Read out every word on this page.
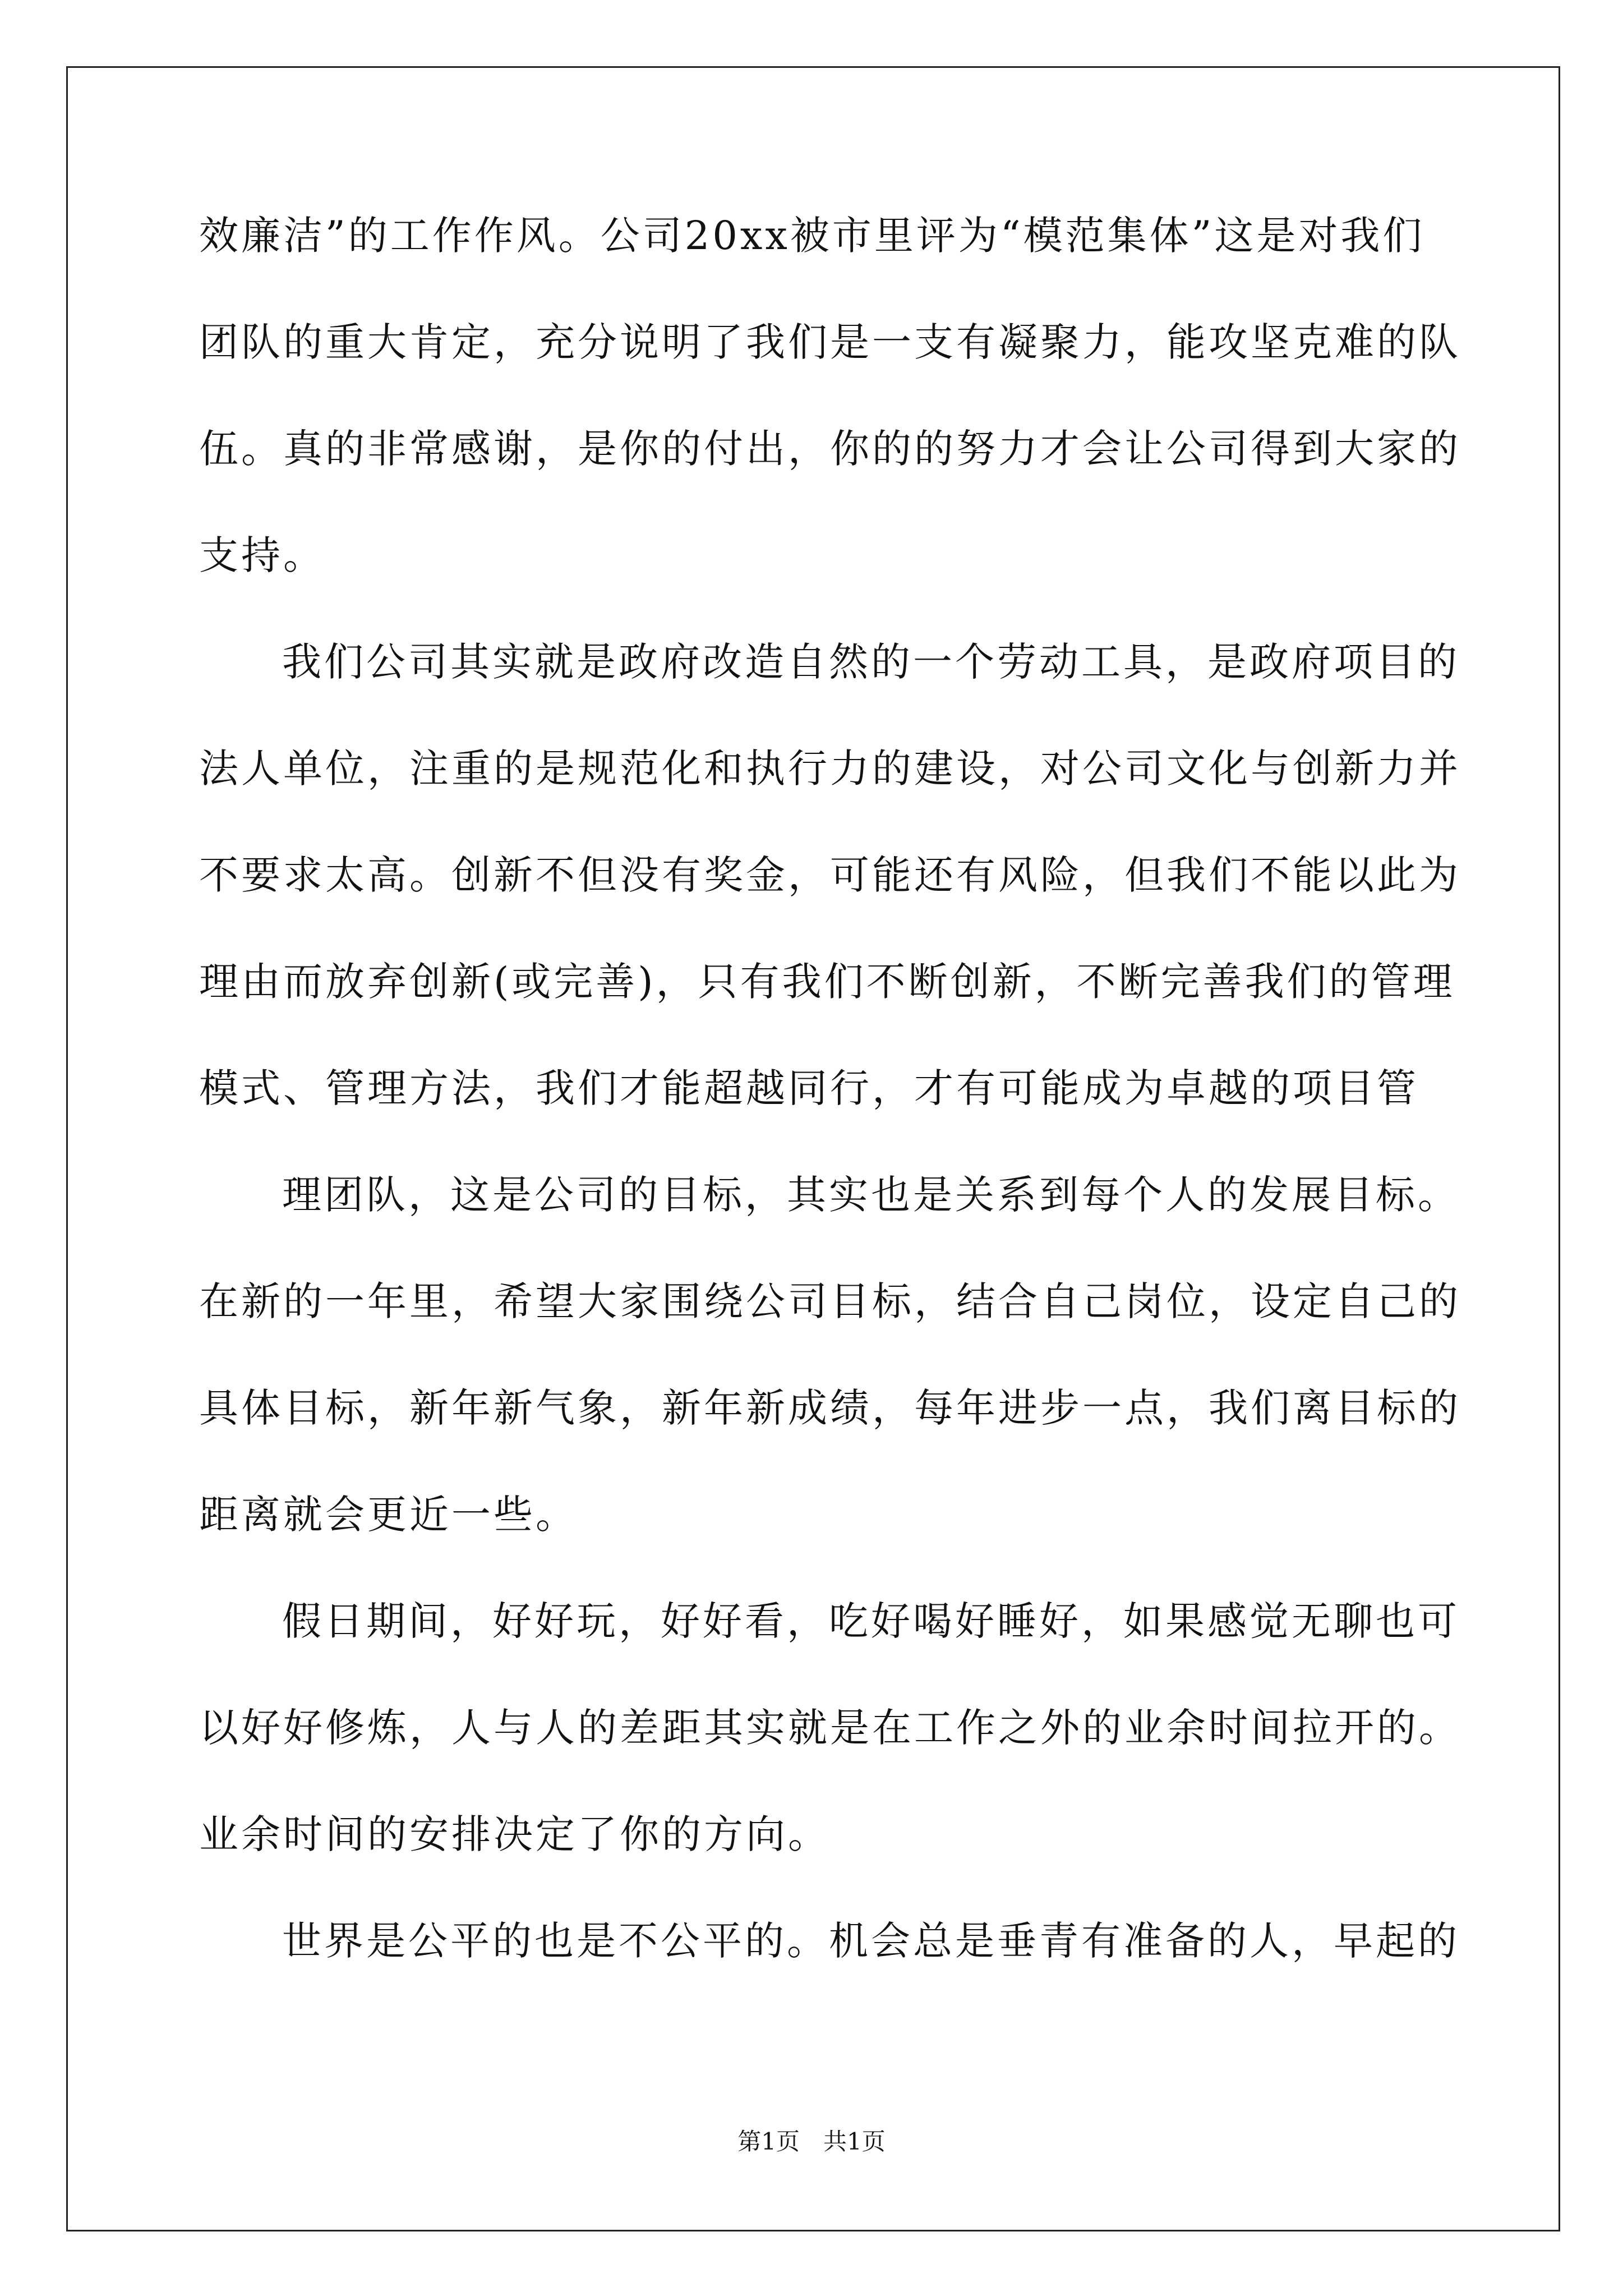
效廉洁”的工作作风。公司20xx被市里评为“模范集体”这是对我们
团队的重大肯定，充分说明了我们是一支有凝聚力，能攻坚克难的队
伍。真的非常感谢，是你的付出，你的的努力才会让公司得到大家的
支持。
我们公司其实就是政府改造自然的一个劳动工具，是政府项目的
法人单位，注重的是规范化和执行力的建设，对公司文化与创新力并
不要求太高。创新不但没有奖金，可能还有风险，但我们不能以此为
理由而放弃创新(或完善)，只有我们不断创新，不断完善我们的管理
模式、管理方法，我们才能超越同行，才有可能成为卓越的项目管
理团队，这是公司的目标，其实也是关系到每个人的发展目标。
在新的一年里，希望大家围绕公司目标，结合自己岗位，设定自己的
具体目标，新年新气象，新年新成绩，每年进步一点，我们离目标的
距离就会更近一些。
假日期间，好好玩，好好看，吃好喝好睡好，如果感觉无聊也可
以好好修炼，人与人的差距其实就是在工作之外的业余时间拉开的。
业余时间的安排决定了你的方向。
世界是公平的也是不公平的。机会总是垂青有准备的人，早起的
第1页　共1页
